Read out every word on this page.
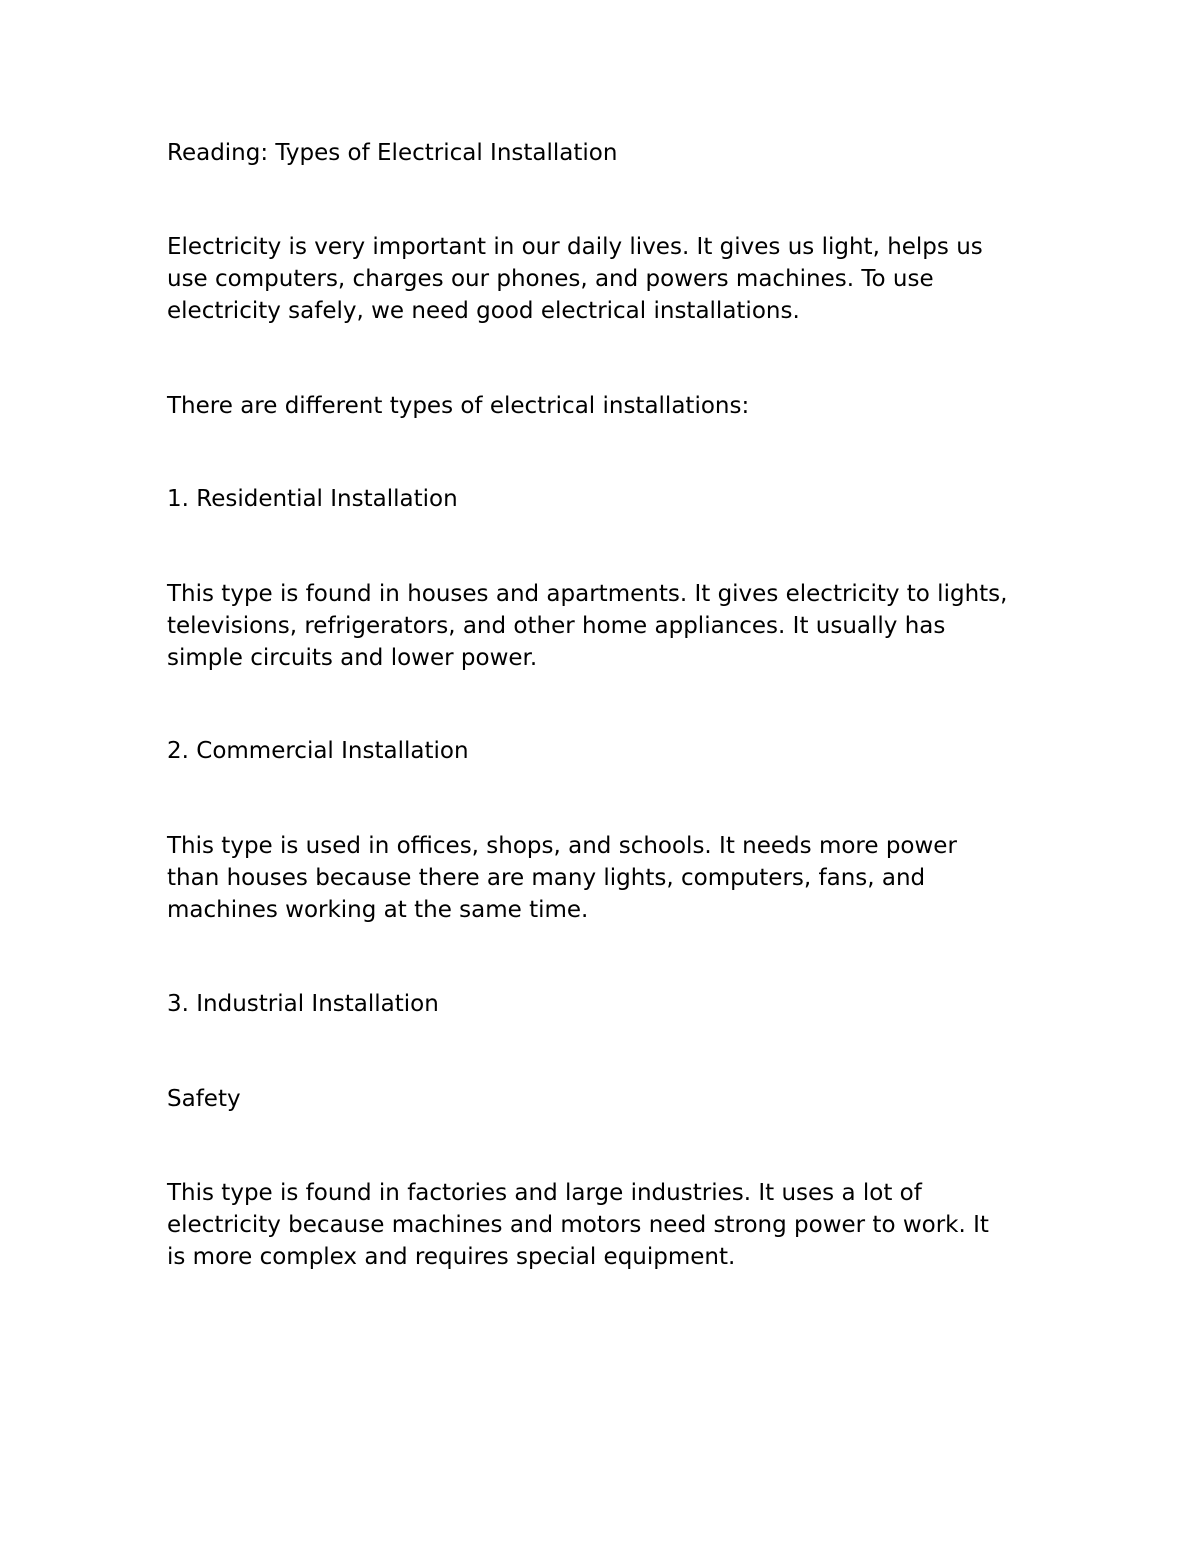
Reading: Types of Electrical Installation

Electricity is very important in our daily lives. It gives us light, helps us
use computers, charges our phones, and powers machines. To use
electricity safely, we need good electrical installations.

There are different types of electrical installations:

1. Residential Installation

This type is found in houses and apartments. It gives electricity to lights,
televisions, refrigerators, and other home appliances. It usually has
simple circuits and lower power.

2. Commercial Installation

This type is used in offices, shops, and schools. It needs more power
than houses because there are many lights, computers, fans, and
machines working at the same time.

3. Industrial Installation

Safety

This type is found in factories and large industries. It uses a lot of
electricity because machines and motors need strong power to work. It
is more complex and requires special equipment.
